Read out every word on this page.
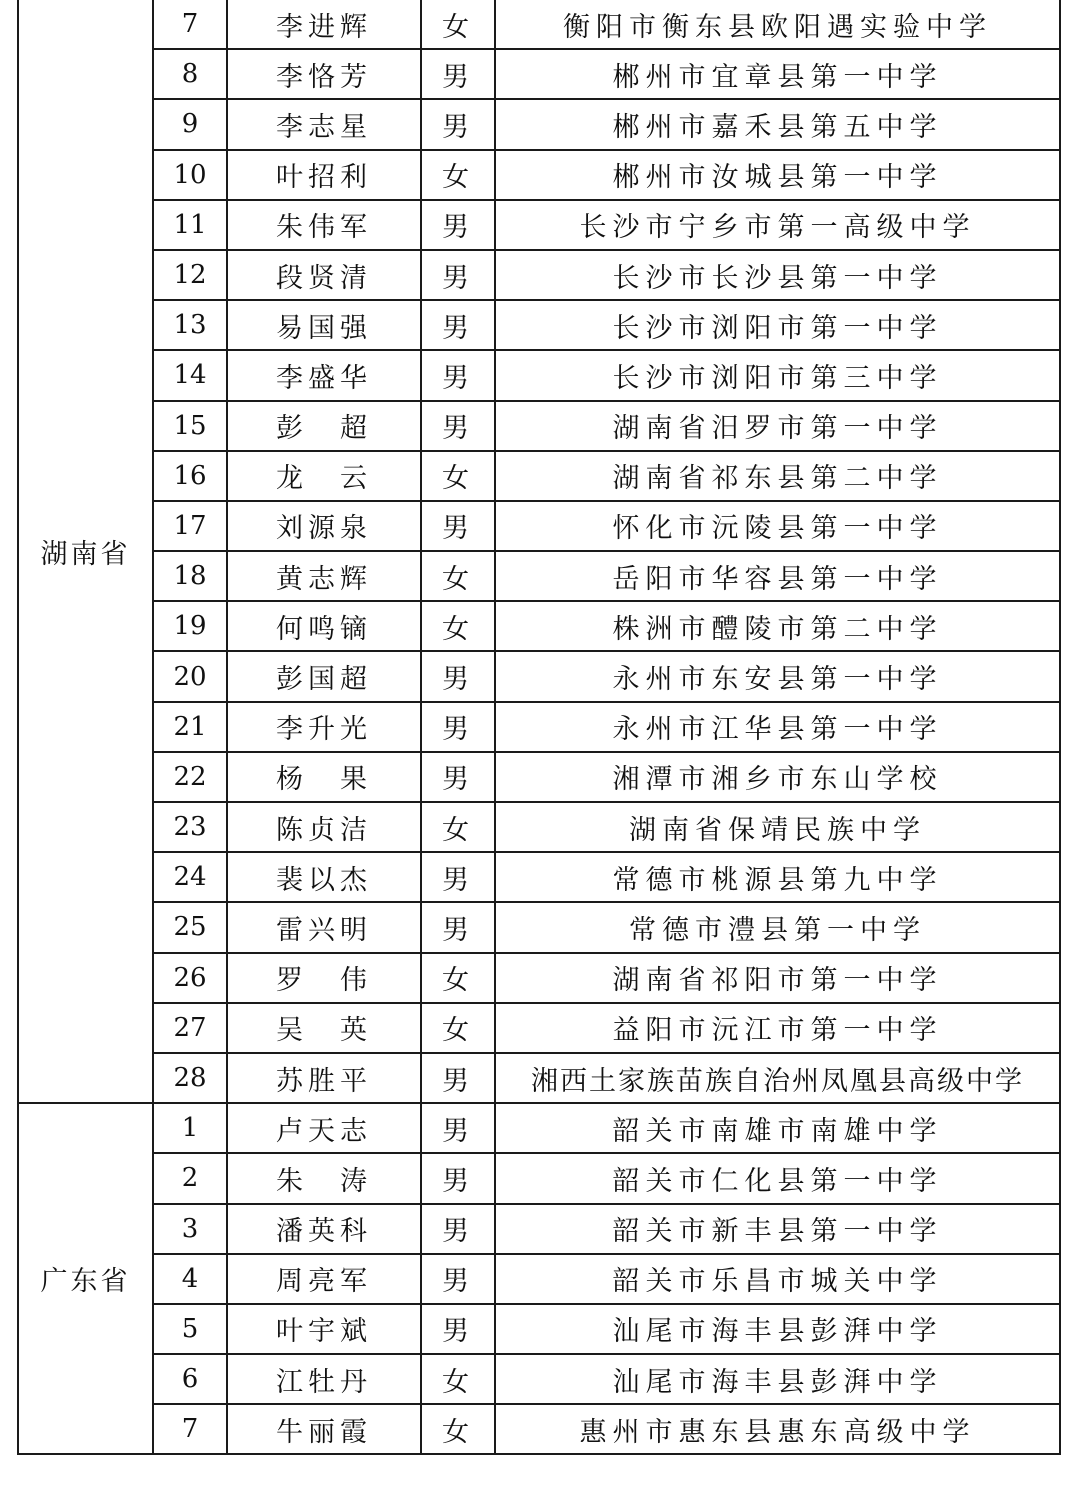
湖南省	7	李进辉	女	衡阳市衡东县欧阳遇实验中学
	8	李恪芳	男	郴州市宜章县第一中学
	9	李志星	男	郴州市嘉禾县第五中学
	10	叶招利	女	郴州市汝城县第一中学
	11	朱伟军	男	长沙市宁乡市第一高级中学
	12	段贤清	男	长沙市长沙县第一中学
	13	易国强	男	长沙市浏阳市第一中学
	14	李盛华	男	长沙市浏阳市第三中学
	15	彭　超	男	湖南省汨罗市第一中学
	16	龙　云	女	湖南省祁东县第二中学
	17	刘源泉	男	怀化市沅陵县第一中学
	18	黄志辉	女	岳阳市华容县第一中学
	19	何鸣镝	女	株洲市醴陵市第二中学
	20	彭国超	男	永州市东安县第一中学
	21	李升光	男	永州市江华县第一中学
	22	杨　果	男	湘潭市湘乡市东山学校
	23	陈贞洁	女	湖南省保靖民族中学
	24	裴以杰	男	常德市桃源县第九中学
	25	雷兴明	男	常德市澧县第一中学
	26	罗　伟	女	湖南省祁阳市第一中学
	27	吴　英	女	益阳市沅江市第一中学
	28	苏胜平	男	湘西土家族苗族自治州凤凰县高级中学
广东省	1	卢天志	男	韶关市南雄市南雄中学
	2	朱　涛	男	韶关市仁化县第一中学
	3	潘英科	男	韶关市新丰县第一中学
	4	周亮军	男	韶关市乐昌市城关中学
	5	叶宇斌	男	汕尾市海丰县彭湃中学
	6	江牡丹	女	汕尾市海丰县彭湃中学
	7	牛丽霞	女	惠州市惠东县惠东高级中学
